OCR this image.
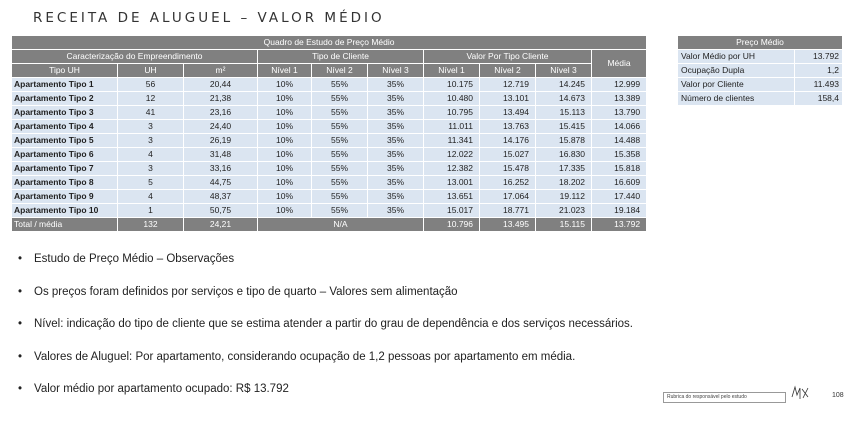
RECEITA DE ALUGUEL – VALOR MÉDIO
Quadro de Estudo de Preço Médio									
Caracterização do Empreendimento			Tipo de Cliente			Valor Por Tipo Cliente			Média
Tipo UH	UH	m²	Nível 1	Nível 2	Nível 3	Nível 1	Nível 2	Nível 3	
Apartamento Tipo 1	56	20,44	10%	55%	35%	10.175	12.719	14.245	12.999
Apartamento Tipo 2	12	21,38	10%	55%	35%	10.480	13.101	14.673	13.389
Apartamento Tipo 3	41	23,16	10%	55%	35%	10.795	13.494	15.113	13.790
Apartamento Tipo 4	3	24,40	10%	55%	35%	11.011	13.763	15.415	14.066
Apartamento Tipo 5	3	26,19	10%	55%	35%	11.341	14.176	15.878	14.488
Apartamento Tipo 6	4	31,48	10%	55%	35%	12.022	15.027	16.830	15.358
Apartamento Tipo 7	3	33,16	10%	55%	35%	12.382	15.478	17.335	15.818
Apartamento Tipo 8	5	44,75	10%	55%	35%	13.001	16.252	18.202	16.609
Apartamento Tipo 9	4	48,37	10%	55%	35%	13.651	17.064	19.112	17.440
Apartamento Tipo 10	1	50,75	10%	55%	35%	15.017	18.771	21.023	19.184
Total / média	132	24,21	N/A			10.796	13.495	15.115	13.792
Preço Médio	
Valor Médio por UH	13.792
Ocupação Dupla	1,2
Valor por Cliente	11.493
Número de clientes	158,4
• Estudo de Preço Médio – Observações
• Os preços foram definidos por serviços e tipo de quarto – Valores sem alimentação
• Nível: indicação do tipo de cliente que se estima atender a partir do grau de dependência e dos serviços necessários.
• Valores de Aluguel: Por apartamento, considerando ocupação de 1,2 pessoas por apartamento em média.
• Valor médio por apartamento ocupado: R$ 13.792
Rubrica do responsável pelo estudo	108
